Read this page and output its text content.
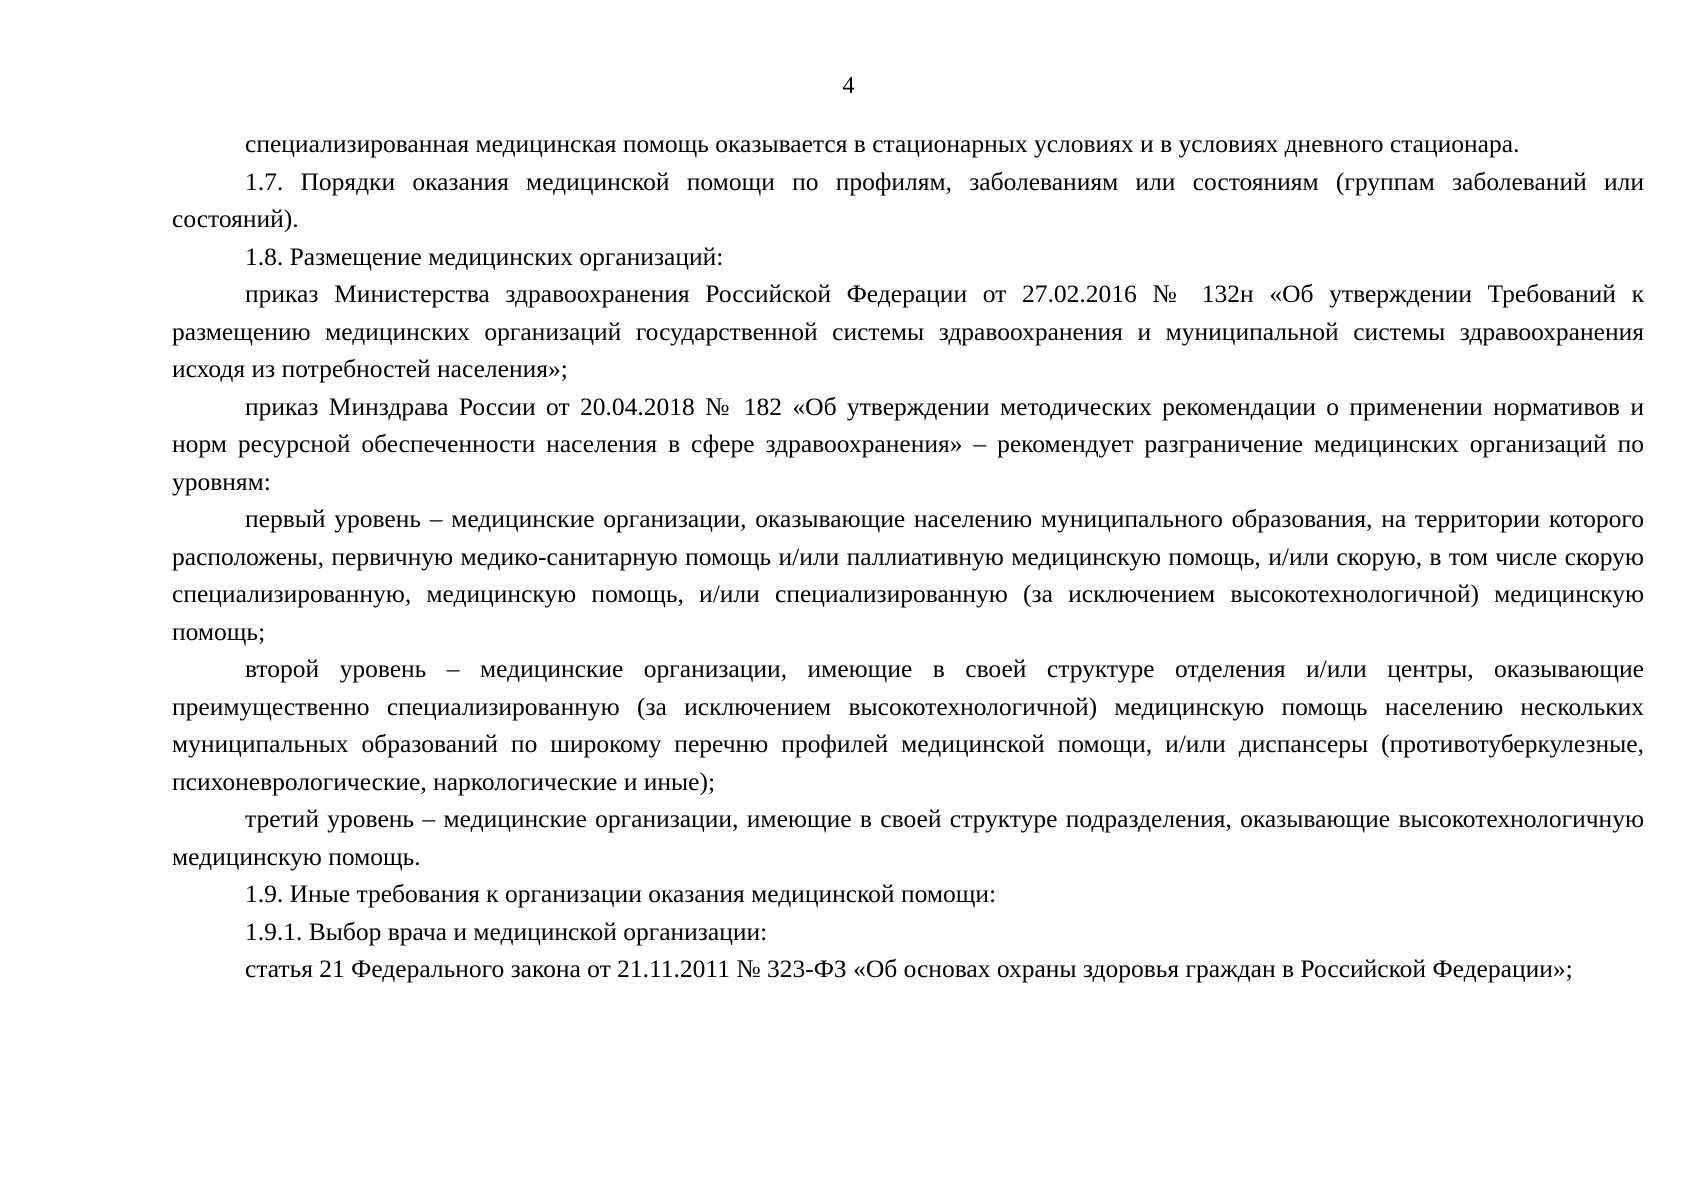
4

специализированная медицинская помощь оказывается в стационарных условиях и в условиях дневного стационара.

1.7. Порядки оказания медицинской помощи по профилям, заболеваниям или состояниям (группам заболеваний или состояний).

1.8. Размещение медицинских организаций:

приказ Министерства здравоохранения Российской Федерации от 27.02.2016 № 132н «Об утверждении Требований к размещению медицинских организаций государственной системы здравоохранения и муниципальной системы здравоохранения исходя из потребностей населения»;

приказ Минздрава России от 20.04.2018 № 182 «Об утверждении методических рекомендации о применении нормативов и норм ресурсной обеспеченности населения в сфере здравоохранения» – рекомендует разграничение медицинских организаций по уровням:

первый уровень – медицинские организации, оказывающие населению муниципального образования, на территории которого расположены, первичную медико-санитарную помощь и/или паллиативную медицинскую помощь, и/или скорую, в том числе скорую специализированную, медицинскую помощь, и/или специализированную (за исключением высокотехнологичной) медицинскую помощь;

второй уровень – медицинские организации, имеющие в своей структуре отделения и/или центры, оказывающие преимущественно специализированную (за исключением высокотехнологичной) медицинскую помощь населению нескольких муниципальных образований по широкому перечню профилей медицинской помощи, и/или диспансеры (противотуберкулезные, психоневрологические, наркологические и иные);

третий уровень – медицинские организации, имеющие в своей структуре подразделения, оказывающие высокотехнологичную медицинскую помощь.

1.9. Иные требования к организации оказания медицинской помощи:

1.9.1. Выбор врача и медицинской организации:

статья 21 Федерального закона от 21.11.2011 № 323-ФЗ «Об основах охраны здоровья граждан в Российской Федерации»;
